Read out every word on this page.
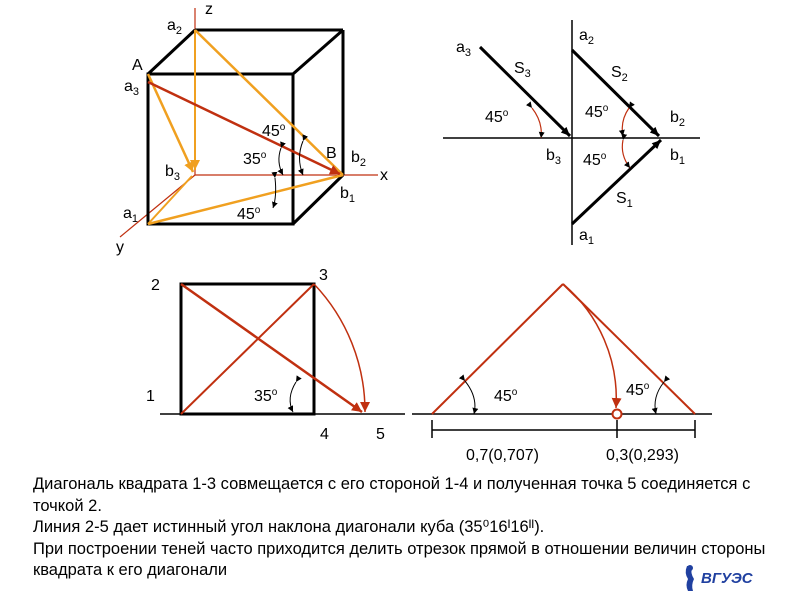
z
$a_2$
A
$a_3$
45$^o$
35$^o$	B $b_2$
x
$b_3$
$b_1$
$a_1$	45$^o$
y
$a_3$
$a_2$
$S_3$	$S_2$
45$^o$	45$^o$
$b_2$
$b_3$ 45$^o$	$b_1$
$S_1$
$a_1$
2
3
1	35$^o$
4	5
45$^o$	45$^o$
0,7(0,707)	0,3(0,293)

Диагональ квадрата 1-3 совмещается с его стороной 1-4 и полученная точка 5 соединяется с точкой 2.

Линия 2-5 дает истинный угол наклона диагонали куба (35⁰16ᴵ16ᴵᴵ).

При построении теней часто приходится делить отрезок прямой в отношении величин стороны квадрата к его диагонали	ВГУЭС
